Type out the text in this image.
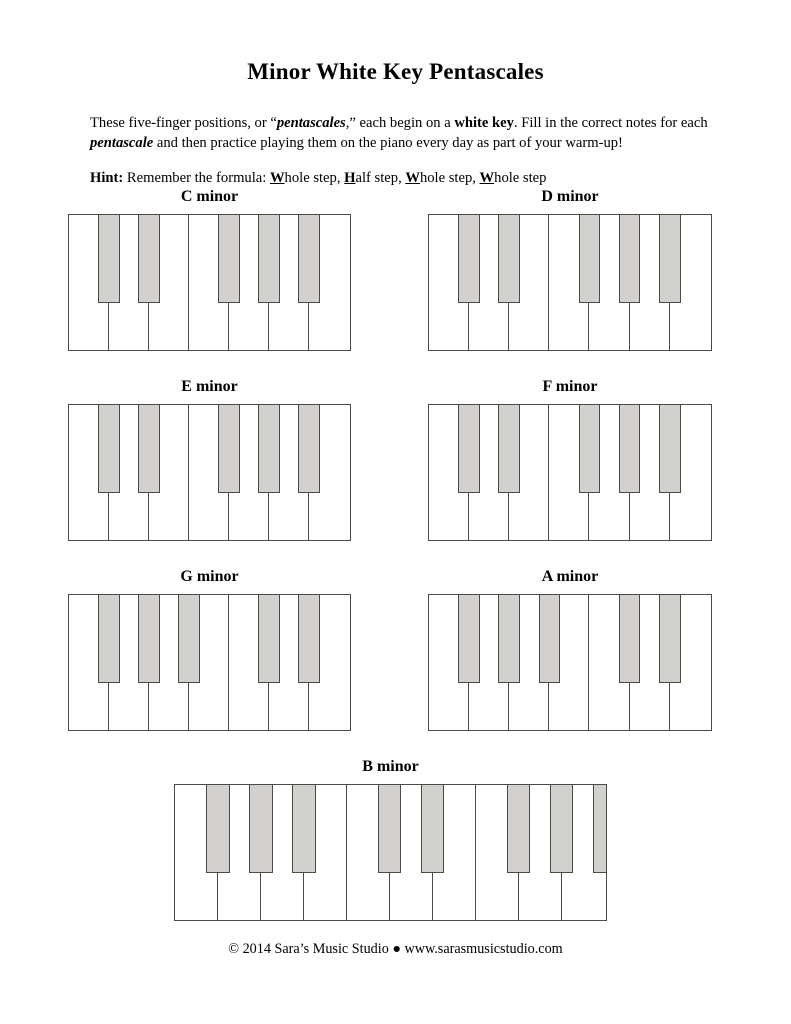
Minor White Key Pentascales

These five-finger positions, or “pentascales,” each begin on a white key. Fill in the correct notes for each pentascale and then practice playing them on the piano every day as part of your warm-up!

Hint: Remember the formula: Whole step, Half step, Whole step, Whole step

C minor	D minor
E minor	F minor
G minor	A minor
B minor
© 2014 Sara’s Music Studio ● www.sarasmusicstudio.com
